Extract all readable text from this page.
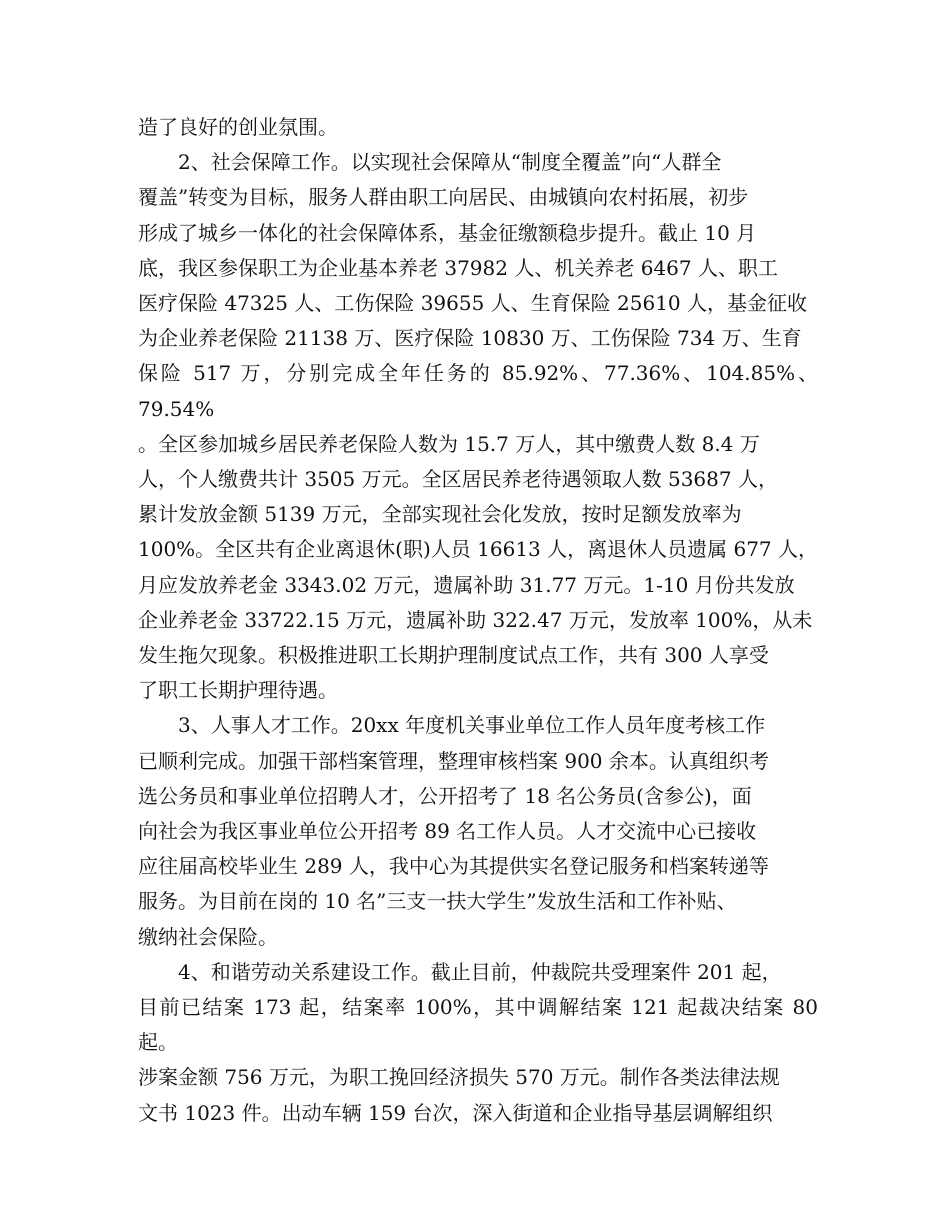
造了良好的创业氛围。

2、社会保障工作。以实现社会保障从“制度全覆盖”向“人群全
覆盖”转变为目标，服务人群由职工向居民、由城镇向农村拓展，初步
形成了城乡一体化的社会保障体系，基金征缴额稳步提升。截止 10 月
底，我区参保职工为企业基本养老 37982 人、机关养老 6467 人、职工
医疗保险 47325 人、工伤保险 39655 人、生育保险 25610 人，基金征收
为企业养老保险 21138 万、医疗保险 10830 万、工伤保险 734 万、生育
保险 517 万，分别完成全年任务的 85.92%、77.36%、104.85%、79.54%
。全区参加城乡居民养老保险人数为 15.7 万人，其中缴费人数 8.4 万
人，个人缴费共计 3505 万元。全区居民养老待遇领取人数 53687 人，
累计发放金额 5139 万元，全部实现社会化发放，按时足额发放率为
100%。全区共有企业离退休(职)人员 16613 人，离退休人员遗属 677 人，
月应发放养老金 3343.02 万元，遗属补助 31.77 万元。1-10 月份共发放
企业养老金 33722.15 万元，遗属补助 322.47 万元，发放率 100%，从未
发生拖欠现象。积极推进职工长期护理制度试点工作，共有 300 人享受
了职工长期护理待遇。

3、人事人才工作。20xx 年度机关事业单位工作人员年度考核工作
已顺利完成。加强干部档案管理，整理审核档案 900 余本。认真组织考
选公务员和事业单位招聘人才，公开招考了 18 名公务员(含参公)，面
向社会为我区事业单位公开招考 89 名工作人员。人才交流中心已接收
应往届高校毕业生 289 人，我中心为其提供实名登记服务和档案转递等
服务。为目前在岗的 10 名”三支一扶大学生”发放生活和工作补贴、
缴纳社会保险。

4、和谐劳动关系建设工作。截止目前，仲裁院共受理案件 201 起，
目前已结案 173 起，结案率 100%，其中调解结案 121 起裁决结案 80 起。
涉案金额 756 万元，为职工挽回经济损失 570 万元。制作各类法律法规
文书 1023 件。出动车辆 159 台次，深入街道和企业指导基层调解组织
